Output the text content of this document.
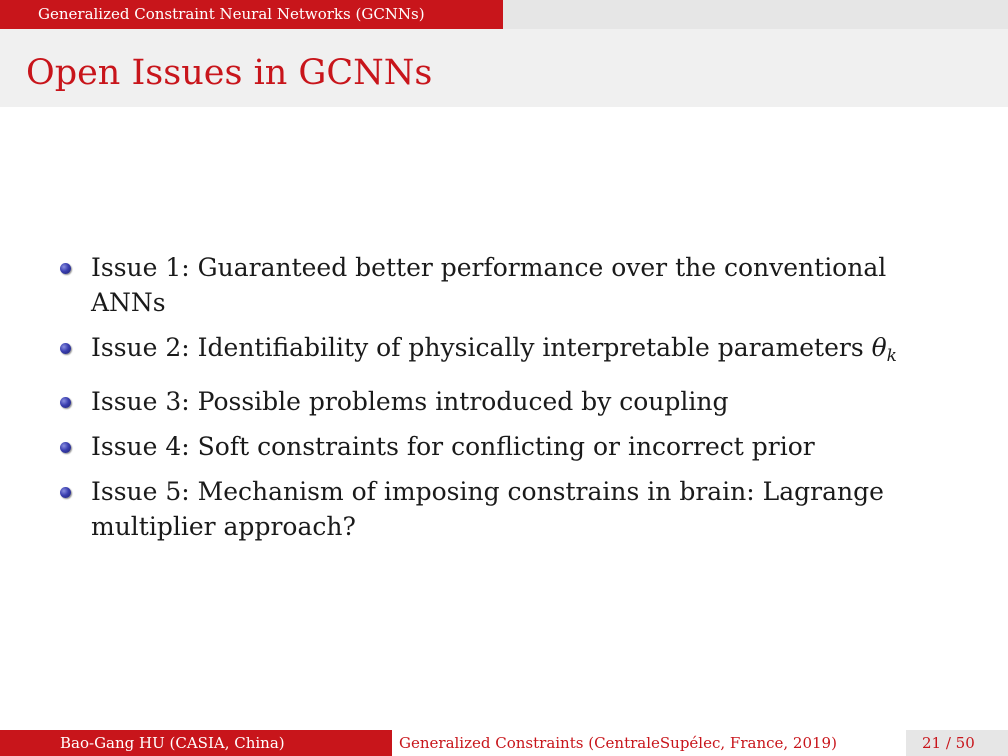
Generalized Constraint Neural Networks (GCNNs)
Open Issues in GCNNs
Issue 1: Guaranteed better performance over the conventional ANNs
Issue 2: Identifiability of physically interpretable parameters $\theta_k$
Issue 3: Possible problems introduced by coupling
Issue 4: Soft constraints for conflicting or incorrect prior
Issue 5: Mechanism of imposing constrains in brain: Lagrange multiplier approach?
Bao-Gang HU (CASIA, China)	Generalized Constraints (CentraleSupélec, France, 2019)	21 / 50
